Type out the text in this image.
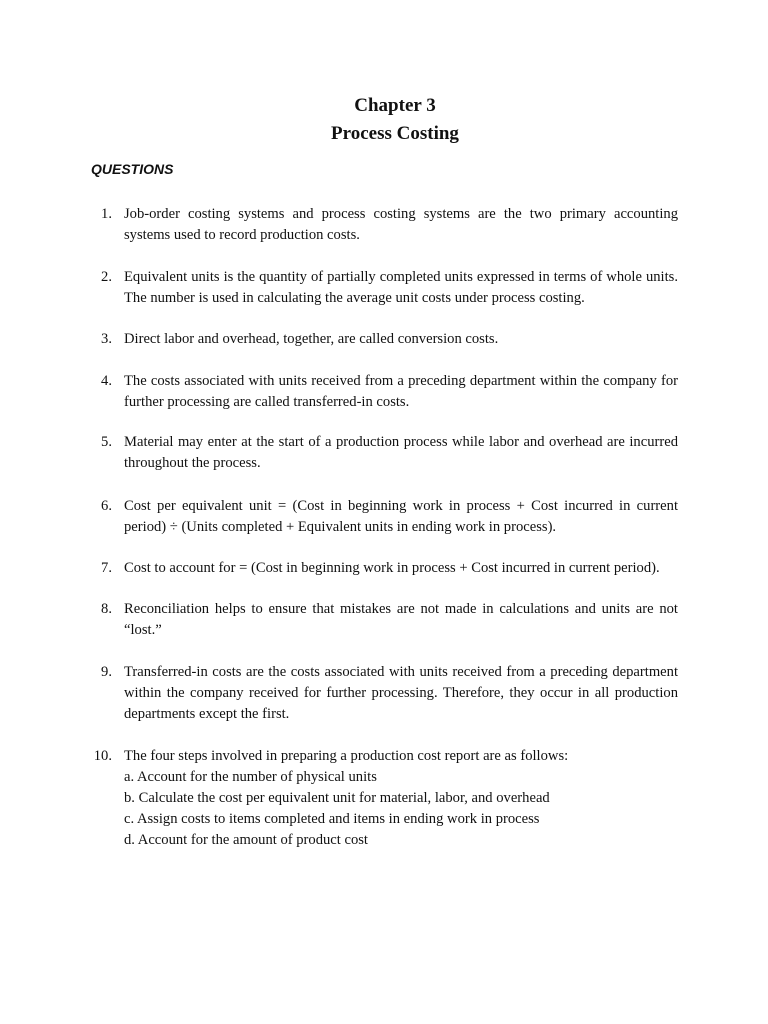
Chapter 3
Process Costing
QUESTIONS
1. Job-order costing systems and process costing systems are the two primary accounting systems used to record production costs.
2. Equivalent units is the quantity of partially completed units expressed in terms of whole units. The number is used in calculating the average unit costs under process costing.
3. Direct labor and overhead, together, are called conversion costs.
4. The costs associated with units received from a preceding department within the company for further processing are called transferred-in costs.
5. Material may enter at the start of a production process while labor and overhead are incurred throughout the process.
6. Cost per equivalent unit = (Cost in beginning work in process + Cost incurred in current period) ÷ (Units completed + Equivalent units in ending work in process).
7. Cost to account for = (Cost in beginning work in process + Cost incurred in current period).
8. Reconciliation helps to ensure that mistakes are not made in calculations and units are not “lost.”
9. Transferred-in costs are the costs associated with units received from a preceding department within the company received for further processing. Therefore, they occur in all production departments except the first.
10. The four steps involved in preparing a production cost report are as follows:
a. Account for the number of physical units
b. Calculate the cost per equivalent unit for material, labor, and overhead
c. Assign costs to items completed and items in ending work in process
d. Account for the amount of product cost
